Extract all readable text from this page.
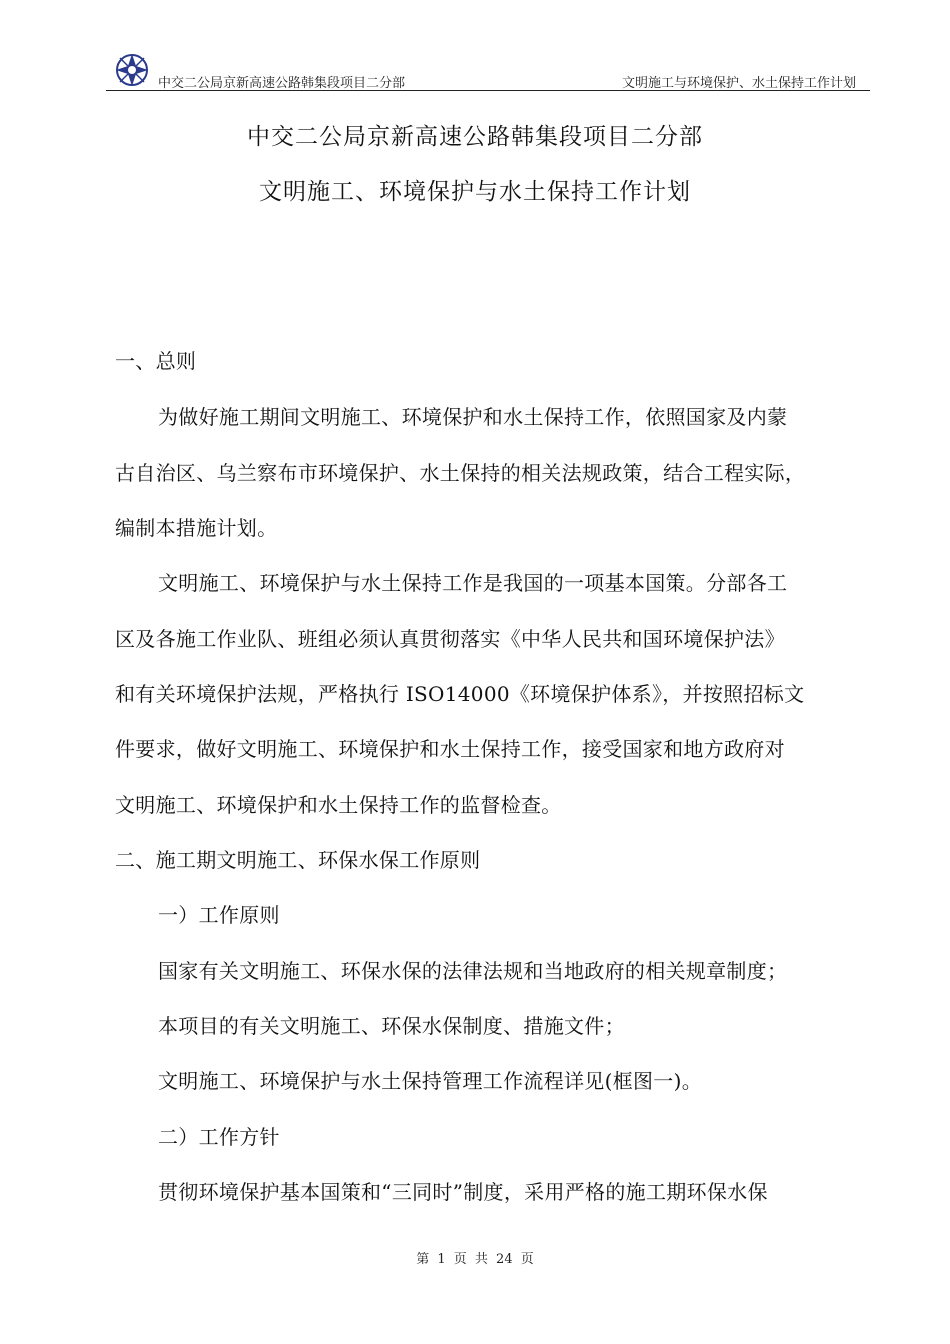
中交二公局京新高速公路韩集段项目二分部	文明施工与环境保护、水土保持工作计划
中交二公局京新高速公路韩集段项目二分部
文明施工、环境保护与水土保持工作计划
一、总则
为做好施工期间文明施工、环境保护和水土保持工作，依照国家及内蒙
古自治区、乌兰察布市环境保护、水土保持的相关法规政策，结合工程实际，
编制本措施计划。
文明施工、环境保护与水土保持工作是我国的一项基本国策。分部各工
区及各施工作业队、班组必须认真贯彻落实《中华人民共和国环境保护法》
和有关环境保护法规，严格执行 ISO14000《环境保护体系》，并按照招标文
件要求，做好文明施工、环境保护和水土保持工作，接受国家和地方政府对
文明施工、环境保护和水土保持工作的监督检查。
二、施工期文明施工、环保水保工作原则
一）工作原则
国家有关文明施工、环保水保的法律法规和当地政府的相关规章制度；
本项目的有关文明施工、环保水保制度、措施文件；
文明施工、环境保护与水土保持管理工作流程详见(框图一)。
二）工作方针
贯彻环境保护基本国策和“三同时”制度，采用严格的施工期环保水保
第 1 页 共 24 页
